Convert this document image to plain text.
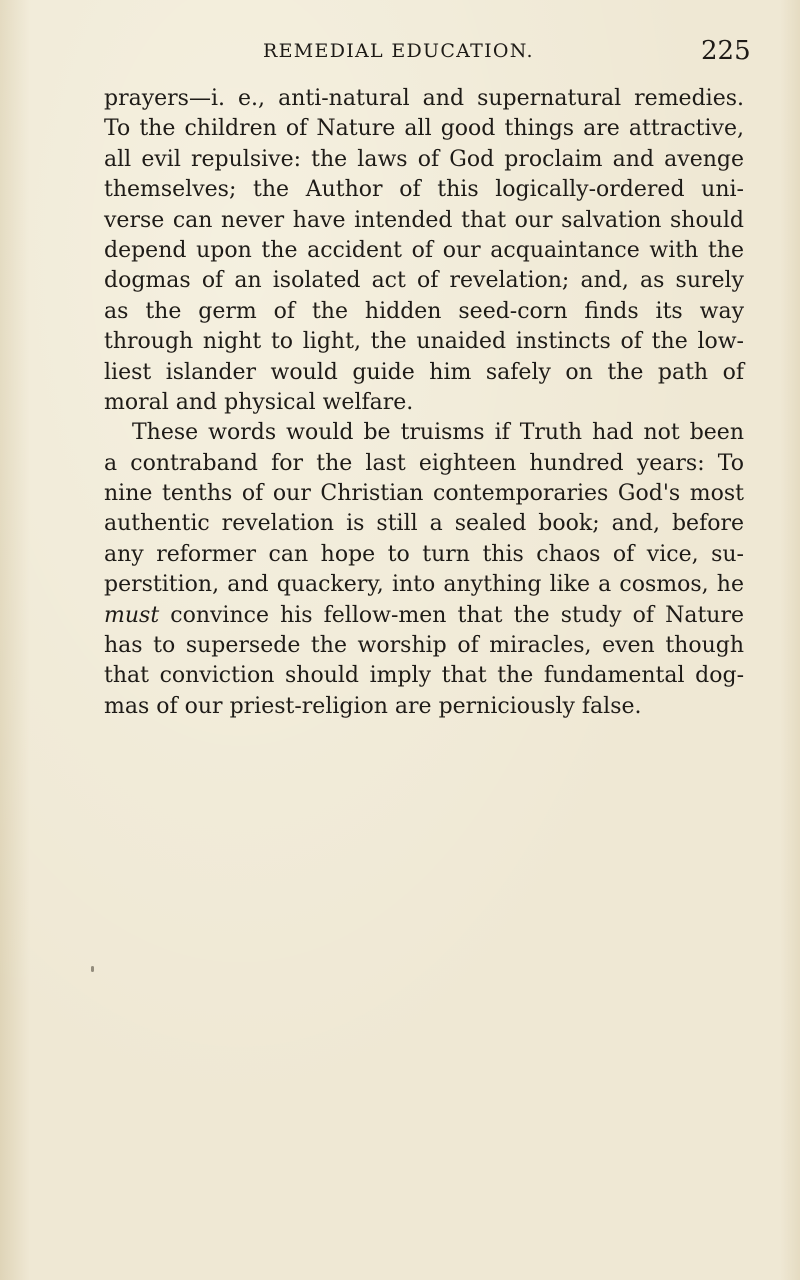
REMEDIAL EDUCATION.	225
prayers—i. e., anti-natural and supernatural remedies.
To the children of Nature all good things are attractive,
all evil repulsive: the laws of God proclaim and avenge
themselves; the Author of this logically-ordered uni-
verse can never have intended that our salvation should
depend upon the accident of our acquaintance with the
dogmas of an isolated act of revelation; and, as surely
as the germ of the hidden seed-corn finds its way
through night to light, the unaided instincts of the low-
liest islander would guide him safely on the path of
moral and physical welfare.
These words would be truisms if Truth had not been
a contraband for the last eighteen hundred years: To
nine tenths of our Christian contemporaries God's most
authentic revelation is still a sealed book; and, before
any reformer can hope to turn this chaos of vice, su-
perstition, and quackery, into anything like a cosmos, he
must convince his fellow-men that the study of Nature
has to supersede the worship of miracles, even though
that conviction should imply that the fundamental dog-
mas of our priest-religion are perniciously false.
